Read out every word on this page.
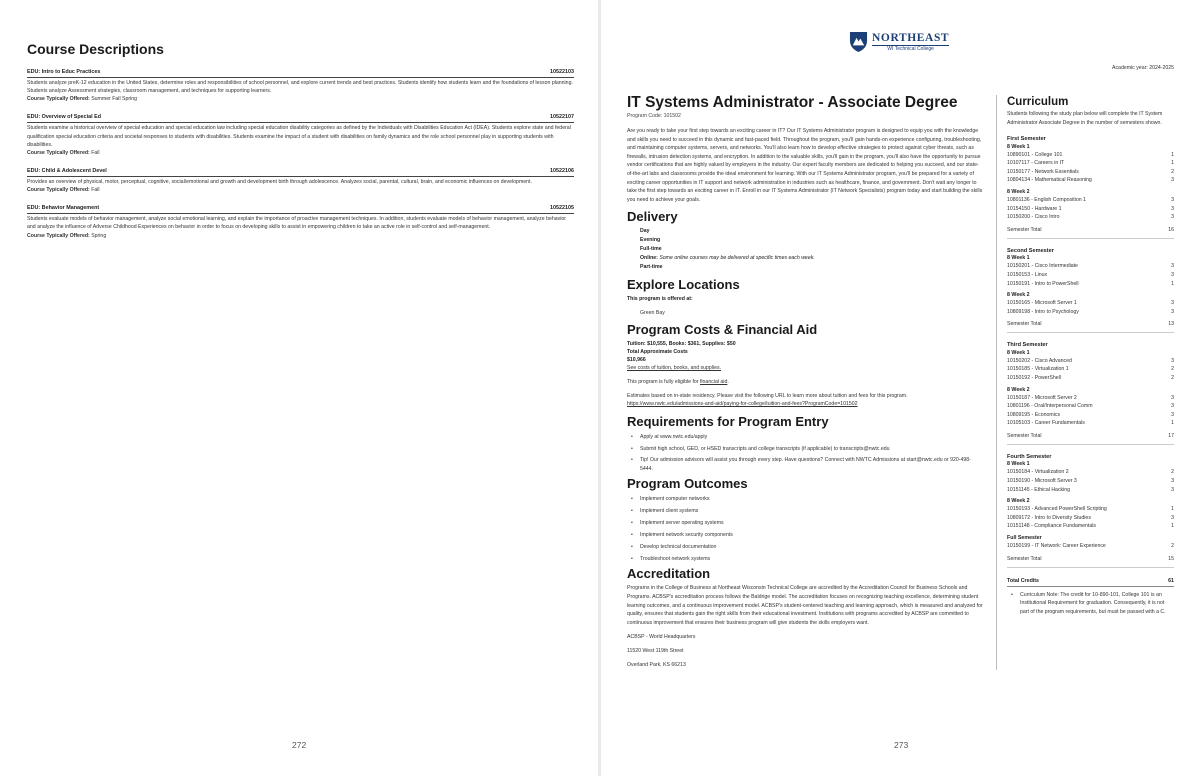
Course Descriptions
EDU: Intro to Educ Practices	10522103
Students analyze preK-12 education in the United States, determine roles and responsibilities of school personnel, and explore current trends and best practices. Students identify how students learn and the foundations of lesson planning. Students analyze Assessment strategies, classroom management, and techniques for supporting learners.
Course Typically Offered: Summer Fall Spring
EDU: Overview of Special Ed	10522107
Students examine a historical overview of special education and special education law including special education disability categories as defined by the Individuals with Disabilities Education Act (IDEA). Students explore state and federal qualification special education criteria and societal responses to students with disabilities. Students examine the impact of a student with disabilities on family dynamics and the role school personnel play in supporting students with disabilities.
Course Typically Offered: Fall
EDU: Child & Adolescent Devel	10522106
Provides an overview of physical, motor, perceptual, cognitive, social/emotional and growth and development birth through adolescence. Analyzes social, parental, cultural, brain, and economic influences on development.
Course Typically Offered: Fall
EDU: Behavior Management	10522105
Students evaluate models of behavior management, analyze social emotional learning, and explain the importance of proactive management techniques. In addition, students evaluate models of behavior management, analyze behavior and analyze the influence of Adverse Childhood Experiences on behavior in order to focus on developing skills to assist in empowering children to take an active role in self-control and self-management.
Course Typically Offered: Spring
272
NORTHEAST
WI Technical College
Academic year: 2024-2025
IT Systems Administrator - Associate Degree
Program Code: 101502
Are you ready to take your first step towards an exciting career in IT? Our IT Systems Administrator program is designed to equip you with the knowledge and skills you need to succeed in this dynamic and fast-paced field. Throughout the program, you'll gain hands-on experience configuring, troubleshooting, and maintaining computer systems, servers, and networks. You'll also learn how to develop effective strategies to protect against cyber threats, such as firewalls, intrusion detection systems, and encryption. In addition to the valuable skills, you'll gain in the program, you'll also have the opportunity to pursue vendor certifications that are highly valued by employers in the industry. Our expert faculty members are dedicated to helping you succeed, and our state-of-the-art labs and classrooms provide the ideal environment for learning. With our IT Systems Administrator program, you'll be prepared for a variety of exciting career opportunities in IT support and network administration in industries such as healthcare, finance, and government. Don't wait any longer to take the first step towards an exciting career in IT. Enroll in our IT Systems Administrator (IT Network Specialists) program today and start building the skills you need to achieve your goals.
Delivery
Day
Evening
Full-time
Online: Some online courses may be delivered at specific times each week.
Part-time
Explore Locations
This program is offered at:
Green Bay
Program Costs & Financial Aid
Tuition: $10,555, Books: $361, Supplies: $50
Total Approximate Costs
$10,966
See costs of tuition, books, and supplies.
This program is fully eligible for financial aid.
Estimates based on in-state residency. Please visit the following URL to learn more about tuition and fees for this program.
https://www.nwtc.edu/admissions-and-aid/paying-for-college/tuition-and-fees?ProgramCode=101502
Requirements for Program Entry
• Apply at www.nwtc.edu/apply
• Submit high school, GED, or HSED transcripts and college transcripts (if applicable) to transcripts@nwtc.edu
• Tip! Our admission advisors will assist you through every step. Have questions? Connect with NWTC Admissions at start@nwtc.edu or 920-498-5444.
Program Outcomes
• Implement computer networks
• Implement client systems
• Implement server operating systems
• Implement network security components
• Develop technical documentation
• Troubleshoot network systems
Accreditation
Programs in the College of Business at Northeast Wisconsin Technical College are accredited by the Accreditation Council for Business Schools and Programs. ACBSP's accreditation process follows the Baldrige model. The accreditation focuses on recognizing teaching excellence, determining student learning outcomes, and a continuous improvement model. ACBSP's student-centered teaching and learning approach, which is measured and analyzed for quality, ensures that students gain the right skills from their educational investment. Institutions with programs accredited by ACBSP are committed to continuous improvement that ensures their business program will give students the skills employers want.
ACBSP - World Headquarters
11520 West 119th Street
Overland Park, KS 66213
Curriculum
Students following the study plan below will complete the IT System Administrator Associate Degree in the number of semesters shown.
First Semester
8 Week 1
10890101 - College 101	1
10107117 - Careers in IT	1
10150177 - Network Essentials	2
10804134 - Mathematical Reasoning	3
8 Week 2
10801136 - English Composition 1	3
10154150 - Hardware 1	3
10150200 - Cisco Intro	3
Semester Total	16
Second Semester
8 Week 1
10150201 - Cisco Intermediate	3
10150153 - Linux	3
10150191 - Intro to PowerShell	1
8 Week 2
10150165 - Microsoft Server 1	3
10809198 - Intro to Psychology	3
Semester Total	13
Third Semester
8 Week 1
10150202 - Cisco Advanced	3
10150185 - Virtualization 1	2
10150192 - PowerShell	2
8 Week 2
10150187 - Microsoft Server 2	3
10801196 - Oral/Interpersonal Comm	3
10809195 - Economics	3
10105103 - Career Fundamentals	1
Semester Total	17
Fourth Semester
8 Week 1
10150184 - Virtualization 2	2
10150190 - Microsoft Server 3	3
10151145 - Ethical Hacking	3
8 Week 2
10150193 - Advanced PowerShell Scripting	1
10809172 - Intro to Diversity Studies	3
10151148 - Compliance Fundamentals	1
Full Semester
10150199 - IT Network: Career Experience	2
Semester Total	15
Total Credits	61
• Curriculum Note: The credit for 10-890-101, College 101 is an Institutional Requirement for graduation. Consequently, it is not part of the program requirements, but must be passed with a C.
273
